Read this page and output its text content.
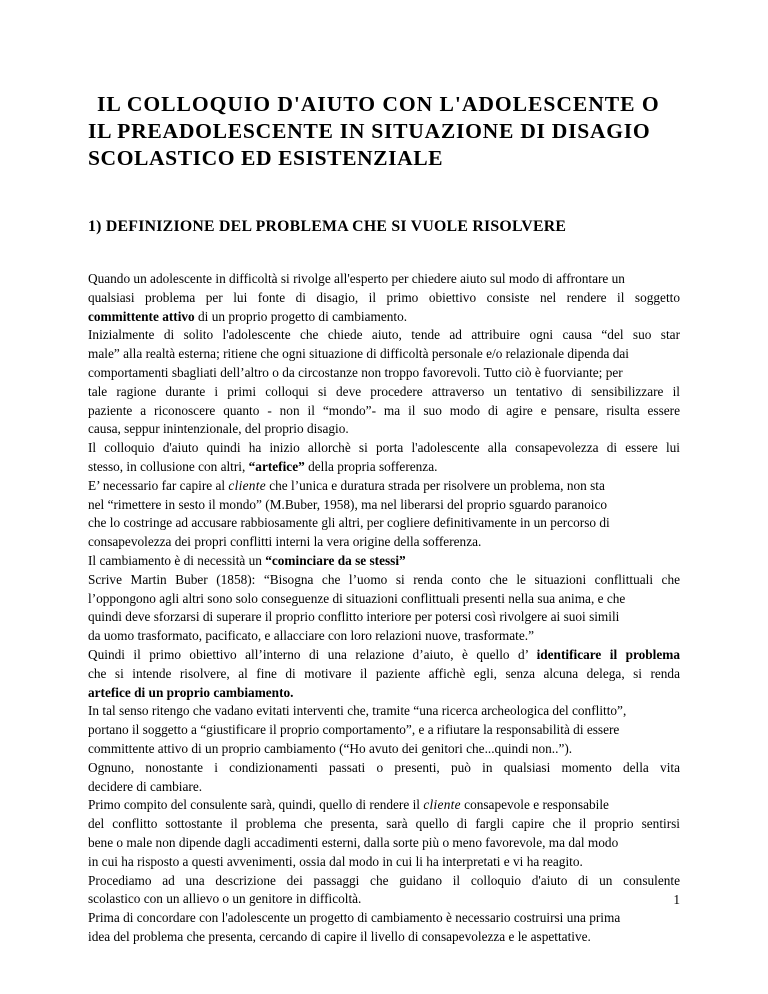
IL COLLOQUIO D'AIUTO CON L'ADOLESCENTE O
IL PREADOLESCENTE IN SITUAZIONE DI DISAGIO
SCOLASTICO ED ESISTENZIALE
1) DEFINIZIONE DEL PROBLEMA CHE SI VUOLE RISOLVERE
Quando un adolescente in difficoltà si rivolge all'esperto per chiedere aiuto sul modo di affrontare un
qualsiasi problema per lui fonte di disagio, il primo obiettivo consiste nel rendere il soggetto
committente attivo di un proprio progetto di cambiamento.
Inizialmente di solito l'adolescente che chiede aiuto, tende ad attribuire ogni causa “del suo star
male” alla realtà esterna; ritiene che ogni situazione di difficoltà personale e/o relazionale dipenda dai
comportamenti sbagliati dell’altro o da circostanze non troppo favorevoli. Tutto ciò è fuorviante; per
tale ragione durante i primi colloqui si deve procedere attraverso un tentativo di sensibilizzare il
paziente a riconoscere quanto - non il “mondo”- ma il suo modo di agire e pensare, risulta essere
causa, seppur inintenzionale, del proprio disagio.
Il colloquio d'aiuto quindi ha inizio allorchè si porta l'adolescente alla consapevolezza di essere lui
stesso, in collusione con altri, “artefice” della propria sofferenza.
E’ necessario far capire al cliente che l’unica e duratura strada per risolvere un problema, non sta
nel “rimettere in sesto il mondo” (M.Buber, 1958), ma nel liberarsi del proprio sguardo paranoico
che lo costringe ad accusare rabbiosamente gli altri, per cogliere definitivamente in un percorso di
consapevolezza dei propri conflitti interni la vera origine della sofferenza.
Il cambiamento è di necessità un “cominciare da se stessi”
Scrive Martin Buber (1858): “Bisogna che l’uomo si renda conto che le situazioni conflittuali che
l’oppongono agli altri sono solo conseguenze di situazioni conflittuali presenti nella sua anima, e che
quindi deve sforzarsi di superare il proprio conflitto interiore per potersi così rivolgere ai suoi simili
da uomo trasformato, pacificato, e allacciare con loro relazioni nuove, trasformate.”
Quindi il primo obiettivo all’interno di una relazione d’aiuto, è quello d’ identificare il problema
che si intende risolvere, al fine di motivare il paziente affichè egli, senza alcuna delega, si renda
artefice di un proprio cambiamento.
In tal senso ritengo che vadano evitati interventi che, tramite “una ricerca archeologica del conflitto”,
portano il soggetto a “giustificare il proprio comportamento”, e a rifiutare la responsabilità di essere
committente attivo di un proprio cambiamento (“Ho avuto dei genitori che...quindi non..”).
Ognuno, nonostante i condizionamenti passati o presenti, può in qualsiasi momento della vita
decidere di cambiare.
Primo compito del consulente sarà, quindi, quello di rendere il cliente consapevole e responsabile
del conflitto sottostante il problema che presenta, sarà quello di fargli capire che il proprio sentirsi
bene o male non dipende dagli accadimenti esterni, dalla sorte più o meno favorevole, ma dal modo
in cui ha risposto a questi avvenimenti, ossia dal modo in cui li ha interpretati e vi ha reagito.
Procediamo ad una descrizione dei passaggi che guidano il colloquio d'aiuto di un consulente
scolastico con un allievo o un genitore in difficoltà.
Prima di concordare con l'adolescente un progetto di cambiamento è necessario costruirsi una prima
idea del problema che presenta, cercando di capire il livello di consapevolezza e le aspettative.
1
